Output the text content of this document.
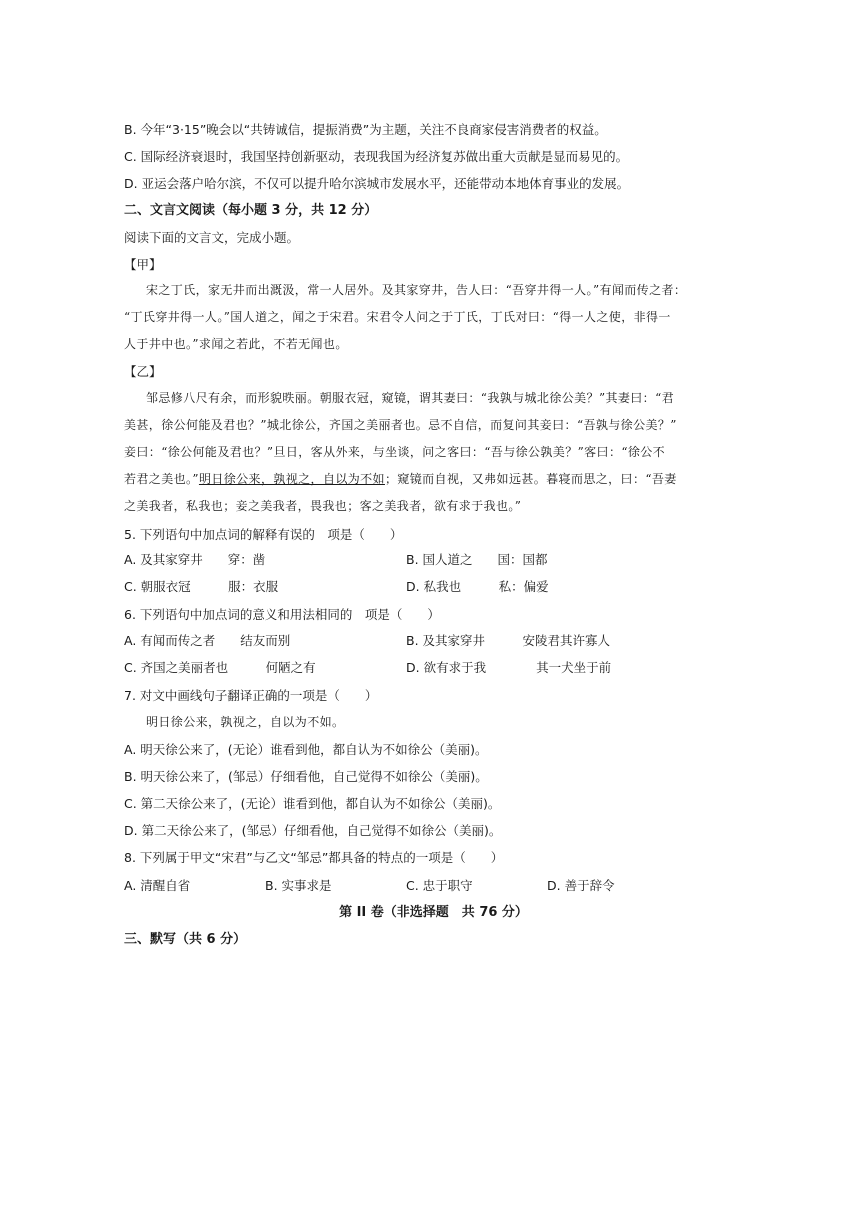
B. 今年“3·15”晚会以“共铸诚信，提振消费”为主题，关注不良商家侵害消费者的权益。
C. 国际经济衰退时，我国坚持创新驱动，表现我国为经济复苏做出重大贡献是显而易见的。
D. 亚运会落户哈尔滨，不仅可以提升哈尔滨城市发展水平，还能带动本地体育事业的发展。
二、文言文阅读（每小题 3 分，共 12 分）
阅读下面的文言文，完成小题。
【甲】
宋之丁氏，家无井而出溉汲，常一人居外。及其家穿井，告人曰：“吾穿井得一人。”有闻而传之者：
“丁氏穿井得一人。”国人道之，闻之于宋君。宋君令人问之于丁氏，丁氏对曰：“得一人之使，非得一
人于井中也。”求闻之若此，不若无闻也。
【乙】
邹忌修八尺有余，而形貌昳丽。朝服衣冠，窥镜，谓其妻曰：“我孰与城北徐公美？”其妻曰：“君
美甚，徐公何能及君也？”城北徐公，齐国之美丽者也。忌不自信，而复问其妾曰：“吾孰与徐公美？”
妾曰：“徐公何能及君也？”旦日，客从外来，与坐谈，问之客曰：“吾与徐公孰美？”客曰：“徐公不
若君之美也。”明日徐公来，孰视之，自以为不如；窥镜而自视，又弗如远甚。暮寝而思之，曰：“吾妻
之美我者，私我也；妾之美我者，畏我也；客之美我者，欲有求于我也。”
5. 下列语句中加点词的解释有误的　项是（　　）
A. 及其家穿井　　穿：凿	B. 国人道之　　国：国都
C. 朝服衣冠　　　服：衣服	D. 私我也　　　私：偏爱
6. 下列语句中加点词的意义和用法相同的　项是（　　）
A. 有闻而传之者　　结友而别	B. 及其家穿井　　　安陵君其许寡人
C. 齐国之美丽者也　　　何陋之有	D. 欲有求于我　　　　其一犬坐于前
7. 对文中画线句子翻译正确的一项是（　　）
明日徐公来，孰视之，自以为不如。
A. 明天徐公来了，(无论）谁看到他，都自认为不如徐公（美丽)。
B. 明天徐公来了，(邹忌）仔细看他，自己觉得不如徐公（美丽)。
C. 第二天徐公来了，(无论）谁看到他，都自认为不如徐公（美丽)。
D. 第二天徐公来了，(邹忌）仔细看他，自己觉得不如徐公（美丽)。
8. 下列属于甲文“宋君”与乙文“邹忌”都具备的特点的一项是（　　）
A. 清醒自省	B. 实事求是	C. 忠于职守	D. 善于辞令
第 II 卷（非选择题　共 76 分）
三、默写（共 6 分）
